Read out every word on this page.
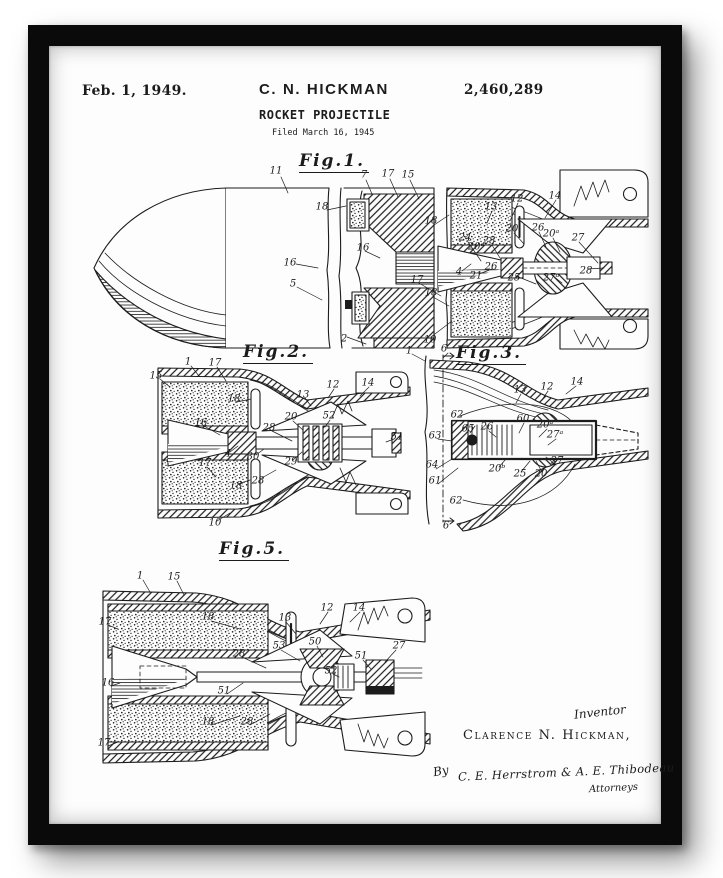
Feb. 1, 1949.	C. N. HICKMAN	2,460,289
ROCKET PROJECTILE
Filed March 16, 1945
Fig.1.
11	7 17 15
18
18
13
12	14
24 28
20ᵃ
20 26
20ᵃ 27
16
16
5
4 21
26
25 27ᵃ
28
17
18
2	10
Fig.2.
1 17
15
18	13
12 14
16
20	52
28
51
4 30	29
28
17
18
10
Fig.3.
1	6
13 12 14
62	60
20ᵃ
65 26
27ᵃ
63
27
64	20ᵇ
61
25 20
62
6
Fig.5.
1 15
17	18	13
12 14
28
53 50
51
27
52
16
51
28
18
17
Inventor
Clarence N. Hickman,
By C. E. Herrstrom & A. E. Thibodeau
Attorneys
